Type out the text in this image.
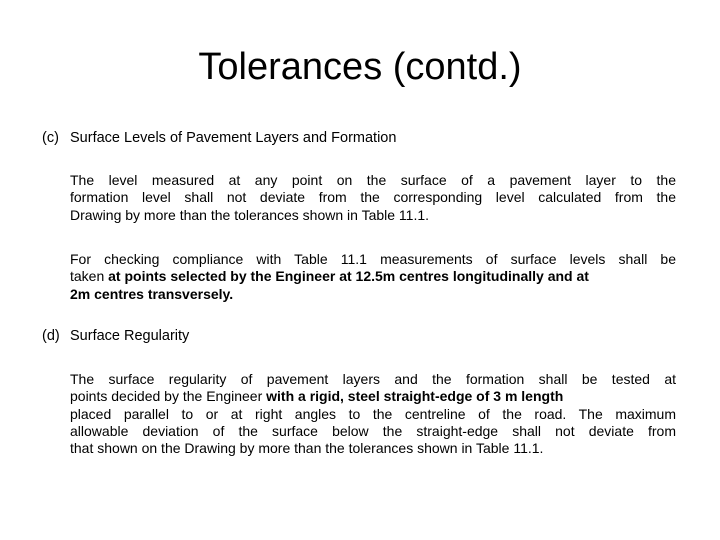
Tolerances (contd.)
(c) Surface Levels of Pavement Layers and Formation
The level measured at any point on the surface of a pavement layer to the
formation level shall not deviate from the corresponding level calculated from the
Drawing by more than the tolerances shown in Table 11.1.
For checking compliance with Table 11.1 measurements of surface levels shall be
taken at points selected by the Engineer at 12.5m centres longitudinally and at
2m centres transversely.
(d) Surface Regularity
The surface regularity of pavement layers and the formation shall be tested at
points decided by the Engineer with a rigid, steel straight-edge of 3 m length
placed parallel to or at right angles to the centreline of the road. The maximum
allowable deviation of the surface below the straight-edge shall not deviate from
that shown on the Drawing by more than the tolerances shown in Table 11.1.
